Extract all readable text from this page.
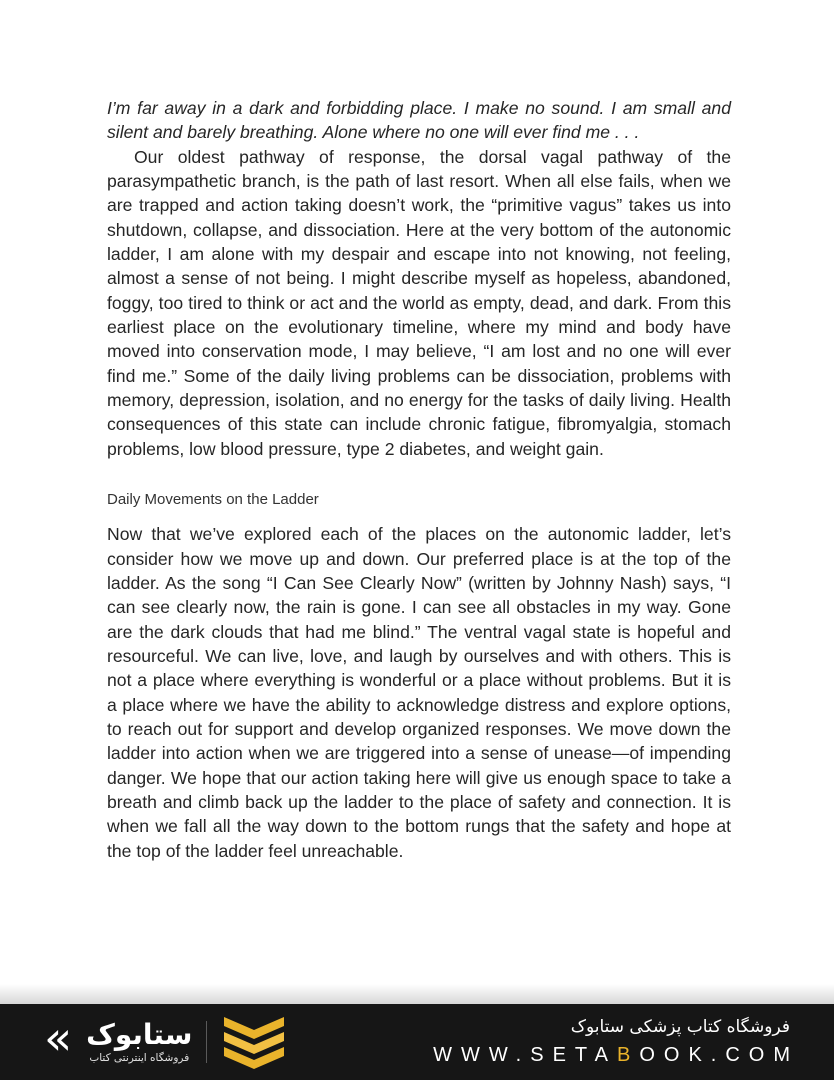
I’m far away in a dark and forbidding place. I make no sound. I am small and silent and barely breathing. Alone where no one will ever find me . . .

Our oldest pathway of response, the dorsal vagal pathway of the parasympathetic branch, is the path of last resort. When all else fails, when we are trapped and action taking doesn’t work, the “primitive vagus” takes us into shutdown, collapse, and dissociation. Here at the very bottom of the autonomic ladder, I am alone with my despair and escape into not knowing, not feeling, almost a sense of not being. I might describe myself as hopeless, abandoned, foggy, too tired to think or act and the world as empty, dead, and dark. From this earliest place on the evolutionary timeline, where my mind and body have moved into conservation mode, I may believe, “I am lost and no one will ever find me.” Some of the daily living problems can be dissociation, problems with memory, depression, isolation, and no energy for the tasks of daily living. Health consequences of this state can include chronic fatigue, fibromyalgia, stomach problems, low blood pressure, type 2 diabetes, and weight gain.

Daily Movements on the Ladder

Now that we’ve explored each of the places on the autonomic ladder, let’s consider how we move up and down. Our preferred place is at the top of the ladder. As the song “I Can See Clearly Now” (written by Johnny Nash) says, “I can see clearly now, the rain is gone. I can see all obstacles in my way. Gone are the dark clouds that had me blind.” The ventral vagal state is hopeful and resourceful. We can live, love, and laugh by ourselves and with others. This is not a place where everything is wonderful or a place without problems. But it is a place where we have the ability to acknowledge distress and explore options, to reach out for support and develop organized responses. We move down the ladder into action when we are triggered into a sense of unease—of impending danger. We hope that our action taking here will give us enough space to take a breath and climb back up the ladder to the place of safety and connection. It is when we fall all the way down to the bottom rungs that the safety and hope at the top of the ladder feel unreachable.

« ستابوک
فروشگاه اینترنتی کتاب
فروشگاه کتاب پزشکی ستابوک
WWW.SETABOOK.COM
